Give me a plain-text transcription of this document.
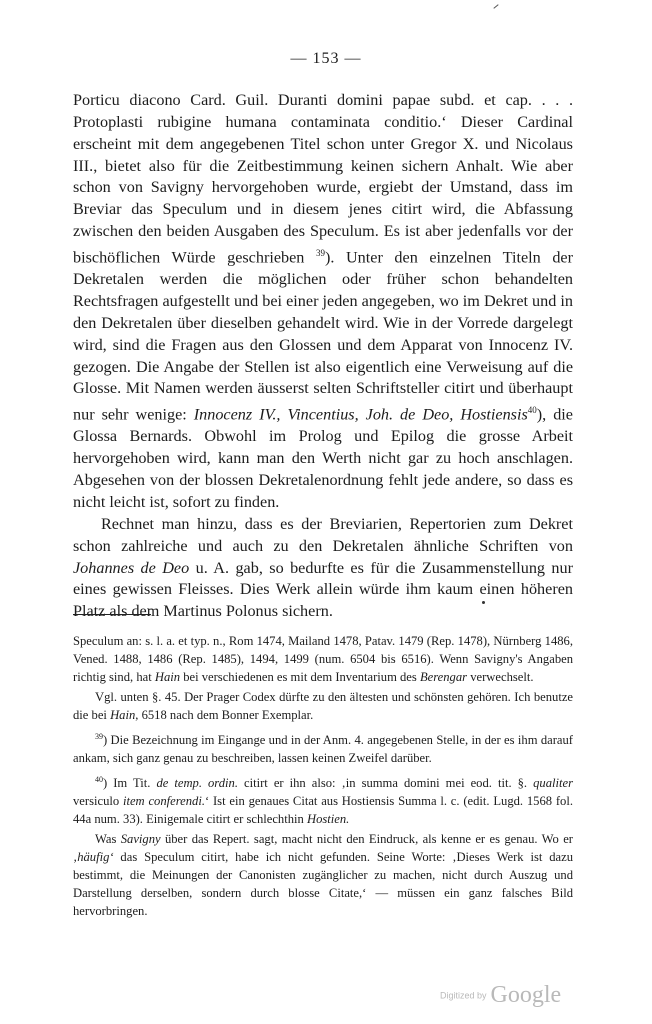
— 153 —

Porticu diacono Card. Guil. Duranti domini papae subd. et cap. . . . Protoplasti rubigine humana contaminata conditio.‘ Dieser Cardinal erscheint mit dem angegebenen Titel schon unter Gregor X. und Nicolaus III., bietet also für die Zeitbestimmung keinen sichern Anhalt. Wie aber schon von Savigny hervorgehoben wurde, ergiebt der Umstand, dass im Breviar das Speculum und in diesem jenes citirt wird, die Abfassung zwischen den beiden Ausgaben des Speculum. Es ist aber jedenfalls vor der bischöflichen Würde geschrieben $^{39}$). Unter den einzelnen Titeln der Dekretalen werden die möglichen oder früher schon behandelten Rechtsfragen aufgestellt und bei einer jeden angegeben, wo im Dekret und in den Dekretalen über dieselben gehandelt wird. Wie in der Vorrede dargelegt wird, sind die Fragen aus den Glossen und dem Apparat von Innocenz IV. gezogen. Die Angabe der Stellen ist also eigentlich eine Verweisung auf die Glosse. Mit Namen werden äusserst selten Schriftsteller citirt und überhaupt nur sehr wenige: Innocenz IV., Vincentius, Joh. de Deo, Hostiensis$^{40}$), die Glossa Bernards. Obwohl im Prolog und Epilog die grosse Arbeit hervorgehoben wird, kann man den Werth nicht gar zu hoch anschlagen. Abgesehen von der blossen Dekretalenordnung fehlt jede andere, so dass es nicht leicht ist, sofort zu finden.

Rechnet man hinzu, dass es der Breviarien, Repertorien zum Dekret schon zahlreiche und auch zu den Dekretalen ähnliche Schriften von Johannes de Deo u. A. gab, so bedurfte es für die Zusammenstellung nur eines gewissen Fleisses. Dies Werk allein würde ihm kaum einen höheren Platz als dem Martinus Polonus sichern.

Speculum an: s. l. a. et typ. n., Rom 1474, Mailand 1478, Patav. 1479 (Rep. 1478), Nürnberg 1486, Vened. 1488, 1486 (Rep. 1485), 1494, 1499 (num. 6504 bis 6516). Wenn Savigny's Angaben richtig sind, hat Hain bei verschiedenen es mit dem Inventarium des Berengar verwechselt.

Vgl. unten §. 45. Der Prager Codex dürfte zu den ältesten und schönsten gehören. Ich benutze die bei Hain, 6518 nach dem Bonner Exemplar.

$^{39}$) Die Bezeichnung im Eingange und in der Anm. 4. angegebenen Stelle, in der es ihm darauf ankam, sich ganz genau zu beschreiben, lassen keinen Zweifel darüber.

$^{40}$) Im Tit. de temp. ordin. citirt er ihn also: ‚in summa domini mei eod. tit. §. qualiter versiculo item conferendi.‘ Ist ein genaues Citat aus Hostiensis Summa l. c. (edit. Lugd. 1568 fol. 44a num. 33). Einigemale citirt er schlechthin Hostien.

Was Savigny über das Repert. sagt, macht nicht den Eindruck, als kenne er es genau. Wo er ‚häufig‘ das Speculum citirt, habe ich nicht gefunden. Seine Worte: ‚Dieses Werk ist dazu bestimmt, die Meinungen der Canonisten zugänglicher zu machen, nicht durch Auszug und Darstellung derselben, sondern durch blosse Citate,‘ — müssen ein ganz falsches Bild hervorbringen.

Digitized by Google
